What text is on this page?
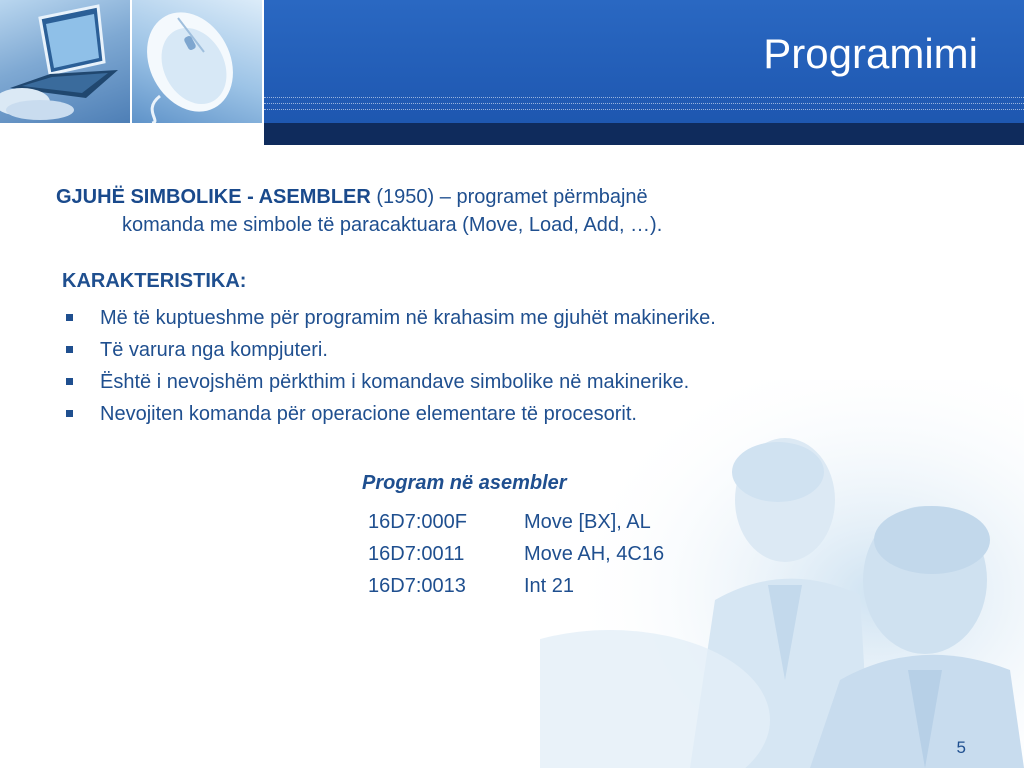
Programimi

GJUHË SIMBOLIKE - ASEMBLER (1950) – programet përmbajnë
komanda me simbole të paracaktuara (Move, Load, Add, …).

KARAKTERISTIKA:
Më të kuptueshme për programim në krahasim me gjuhët makinerike.
Të varura nga kompjuteri.
Është i nevojshëm përkthim i komandave simbolike në makinerike.
Nevojiten komanda për operacione elementare të procesorit.
Program në asembler
16D7:000F	Move [BX], AL
16D7:0011	Move AH, 4C16
16D7:0013	Int 21

5
